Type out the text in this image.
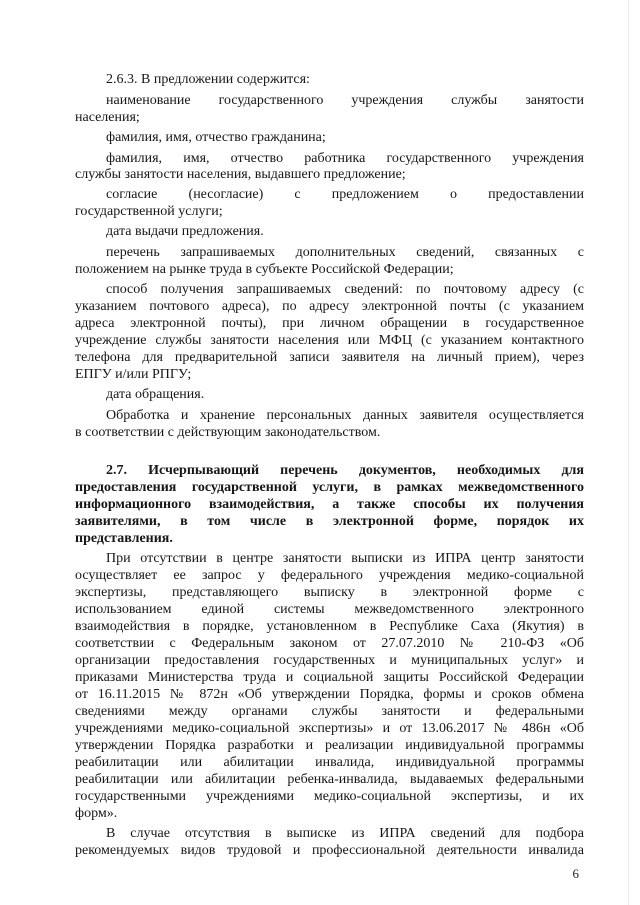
2.6.3. В предложении содержится:

наименование государственного учреждения службы занятости

населения;

фамилия, имя, отчество гражданина;

фамилия, имя, отчество работника государственного учреждения

службы занятости населения, выдавшего предложение;

согласие (несогласие) с предложением о предоставлении

государственной услуги;

дата выдачи предложения.

перечень запрашиваемых дополнительных сведений, связанных с

положением на рынке труда в субъекте Российской Федерации;

способ получения запрашиваемых сведений: по почтовому адресу (с

указанием почтового адреса), по адресу электронной почты (с указанием

адреса электронной почты), при личном обращении в государственное

учреждение службы занятости населения или МФЦ (с указанием контактного

телефона для предварительной записи заявителя на личный прием), через

ЕПГУ и/или РПГУ;

дата обращения.

Обработка и хранение персональных данных заявителя осуществляется

в соответствии с действующим законодательством.

2.7. Исчерпывающий перечень документов, необходимых для

предоставления государственной услуги, в рамках межведомственного

информационного взаимодействия, а также способы их получения

заявителями, в том числе в электронной форме, порядок их

представления.

При отсутствии в центре занятости выписки из ИПРА центр занятости

осуществляет ее запрос у федерального учреждения медико-социальной

экспертизы, представляющего выписку в электронной форме с

использованием единой системы межведомственного электронного

взаимодействия в порядке, установленном в Республике Саха (Якутия) в

соответствии с Федеральным законом от 27.07.2010 № 210-ФЗ «Об

организации предоставления государственных и муниципальных услуг» и

приказами Министерства труда и социальной защиты Российской Федерации

от 16.11.2015 № 872н «Об утверждении Порядка, формы и сроков обмена

сведениями между органами службы занятости и федеральными

учреждениями медико-социальной экспертизы» и от 13.06.2017 № 486н «Об

утверждении Порядка разработки и реализации индивидуальной программы

реабилитации или абилитации инвалида, индивидуальной программы

реабилитации или абилитации ребенка-инвалида, выдаваемых федеральными

государственными учреждениями медико-социальной экспертизы, и их

форм».

В случае отсутствия в выписке из ИПРА сведений для подбора

рекомендуемых видов трудовой и профессиональной деятельности инвалида

6
